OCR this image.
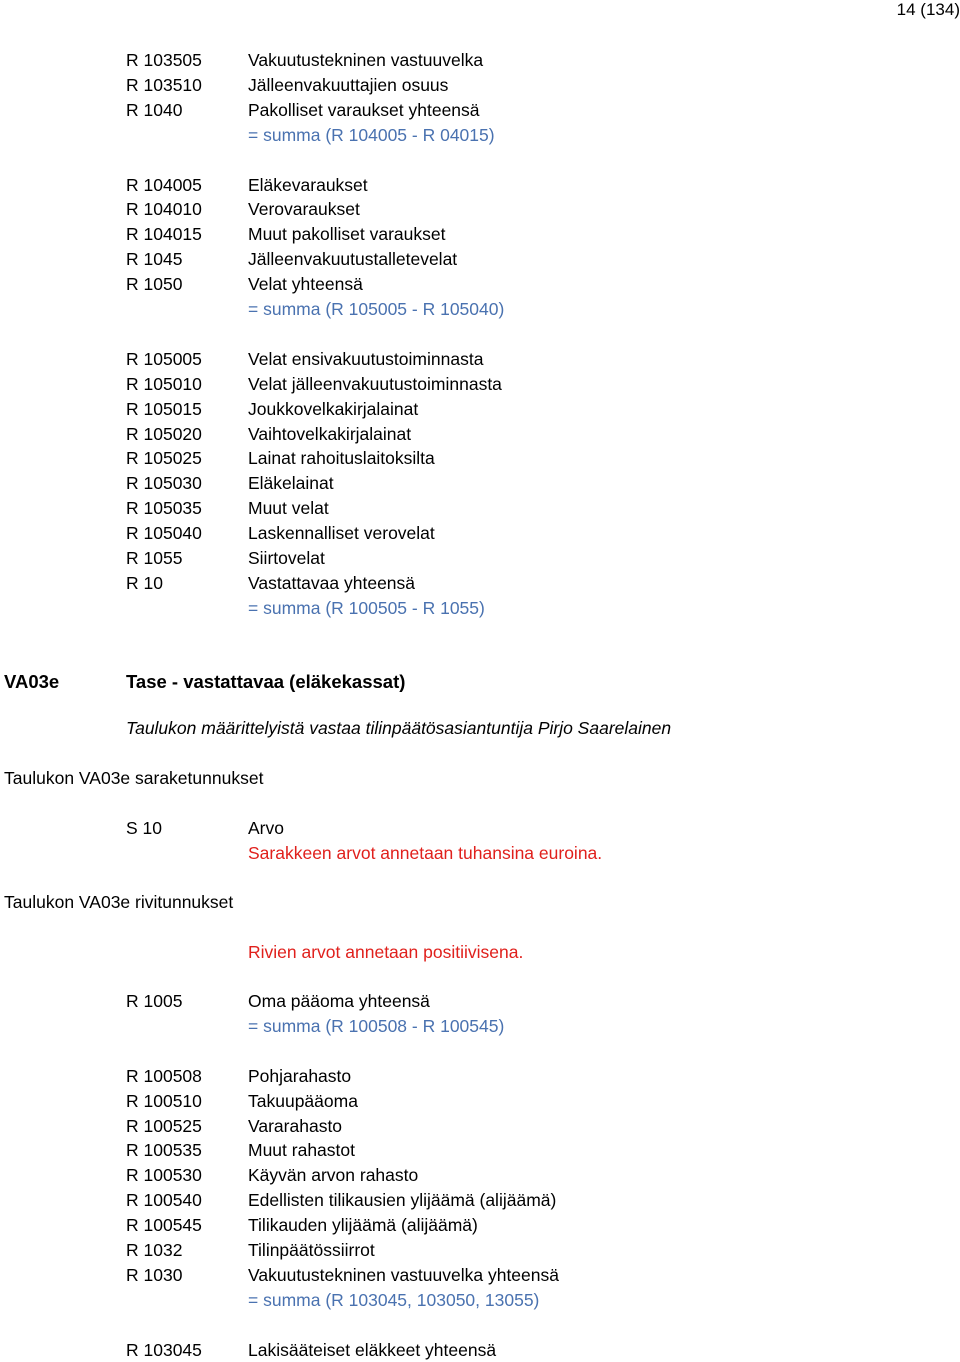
14 (134)
R 103505	Vakuutustekninen vastuuvelka
R 103510	Jälleenvakuuttajien osuus
R 1040	Pakolliset varaukset yhteensä
= summa (R 104005 - R 04015)
R 104005	Eläkevaraukset
R 104010	Verovaraukset
R 104015	Muut pakolliset varaukset
R 1045	Jälleenvakuutustalletevelat
R 1050	Velat yhteensä
= summa (R 105005 - R 105040)
R 105005	Velat ensivakuutustoiminnasta
R 105010	Velat jälleenvakuutustoiminnasta
R 105015	Joukkovelkakirjalainat
R 105020	Vaihtovelkakirjalainat
R 105025	Lainat rahoituslaitoksilta
R 105030	Eläkelainat
R 105035	Muut velat
R 105040	Laskennalliset verovelat
R 1055	Siirtovelat
R 10	Vastattavaa yhteensä
= summa (R 100505 - R 1055)
VA03e	Tase - vastattavaa (eläkekassat)
Taulukon määrittelyistä vastaa tilinpäätösasiantuntija Pirjo Saarelainen
Taulukon VA03e saraketunnukset
S 10	Arvo
Sarakkeen arvot annetaan tuhansina euroina.
Taulukon VA03e rivitunnukset
Rivien arvot annetaan positiivisena.
R 1005	Oma pääoma yhteensä
= summa (R 100508 - R 100545)
R 100508	Pohjarahasto
R 100510	Takuupääoma
R 100525	Vararahasto
R 100535	Muut rahastot
R 100530	Käyvän arvon rahasto
R 100540	Edellisten tilikausien ylijäämä (alijäämä)
R 100545	Tilikauden ylijäämä (alijäämä)
R 1032	Tilinpäätössiirrot
R 1030	Vakuutustekninen vastuuvelka yhteensä
= summa (R 103045, 103050, 13055)
R 103045	Lakisääteiset eläkkeet yhteensä
